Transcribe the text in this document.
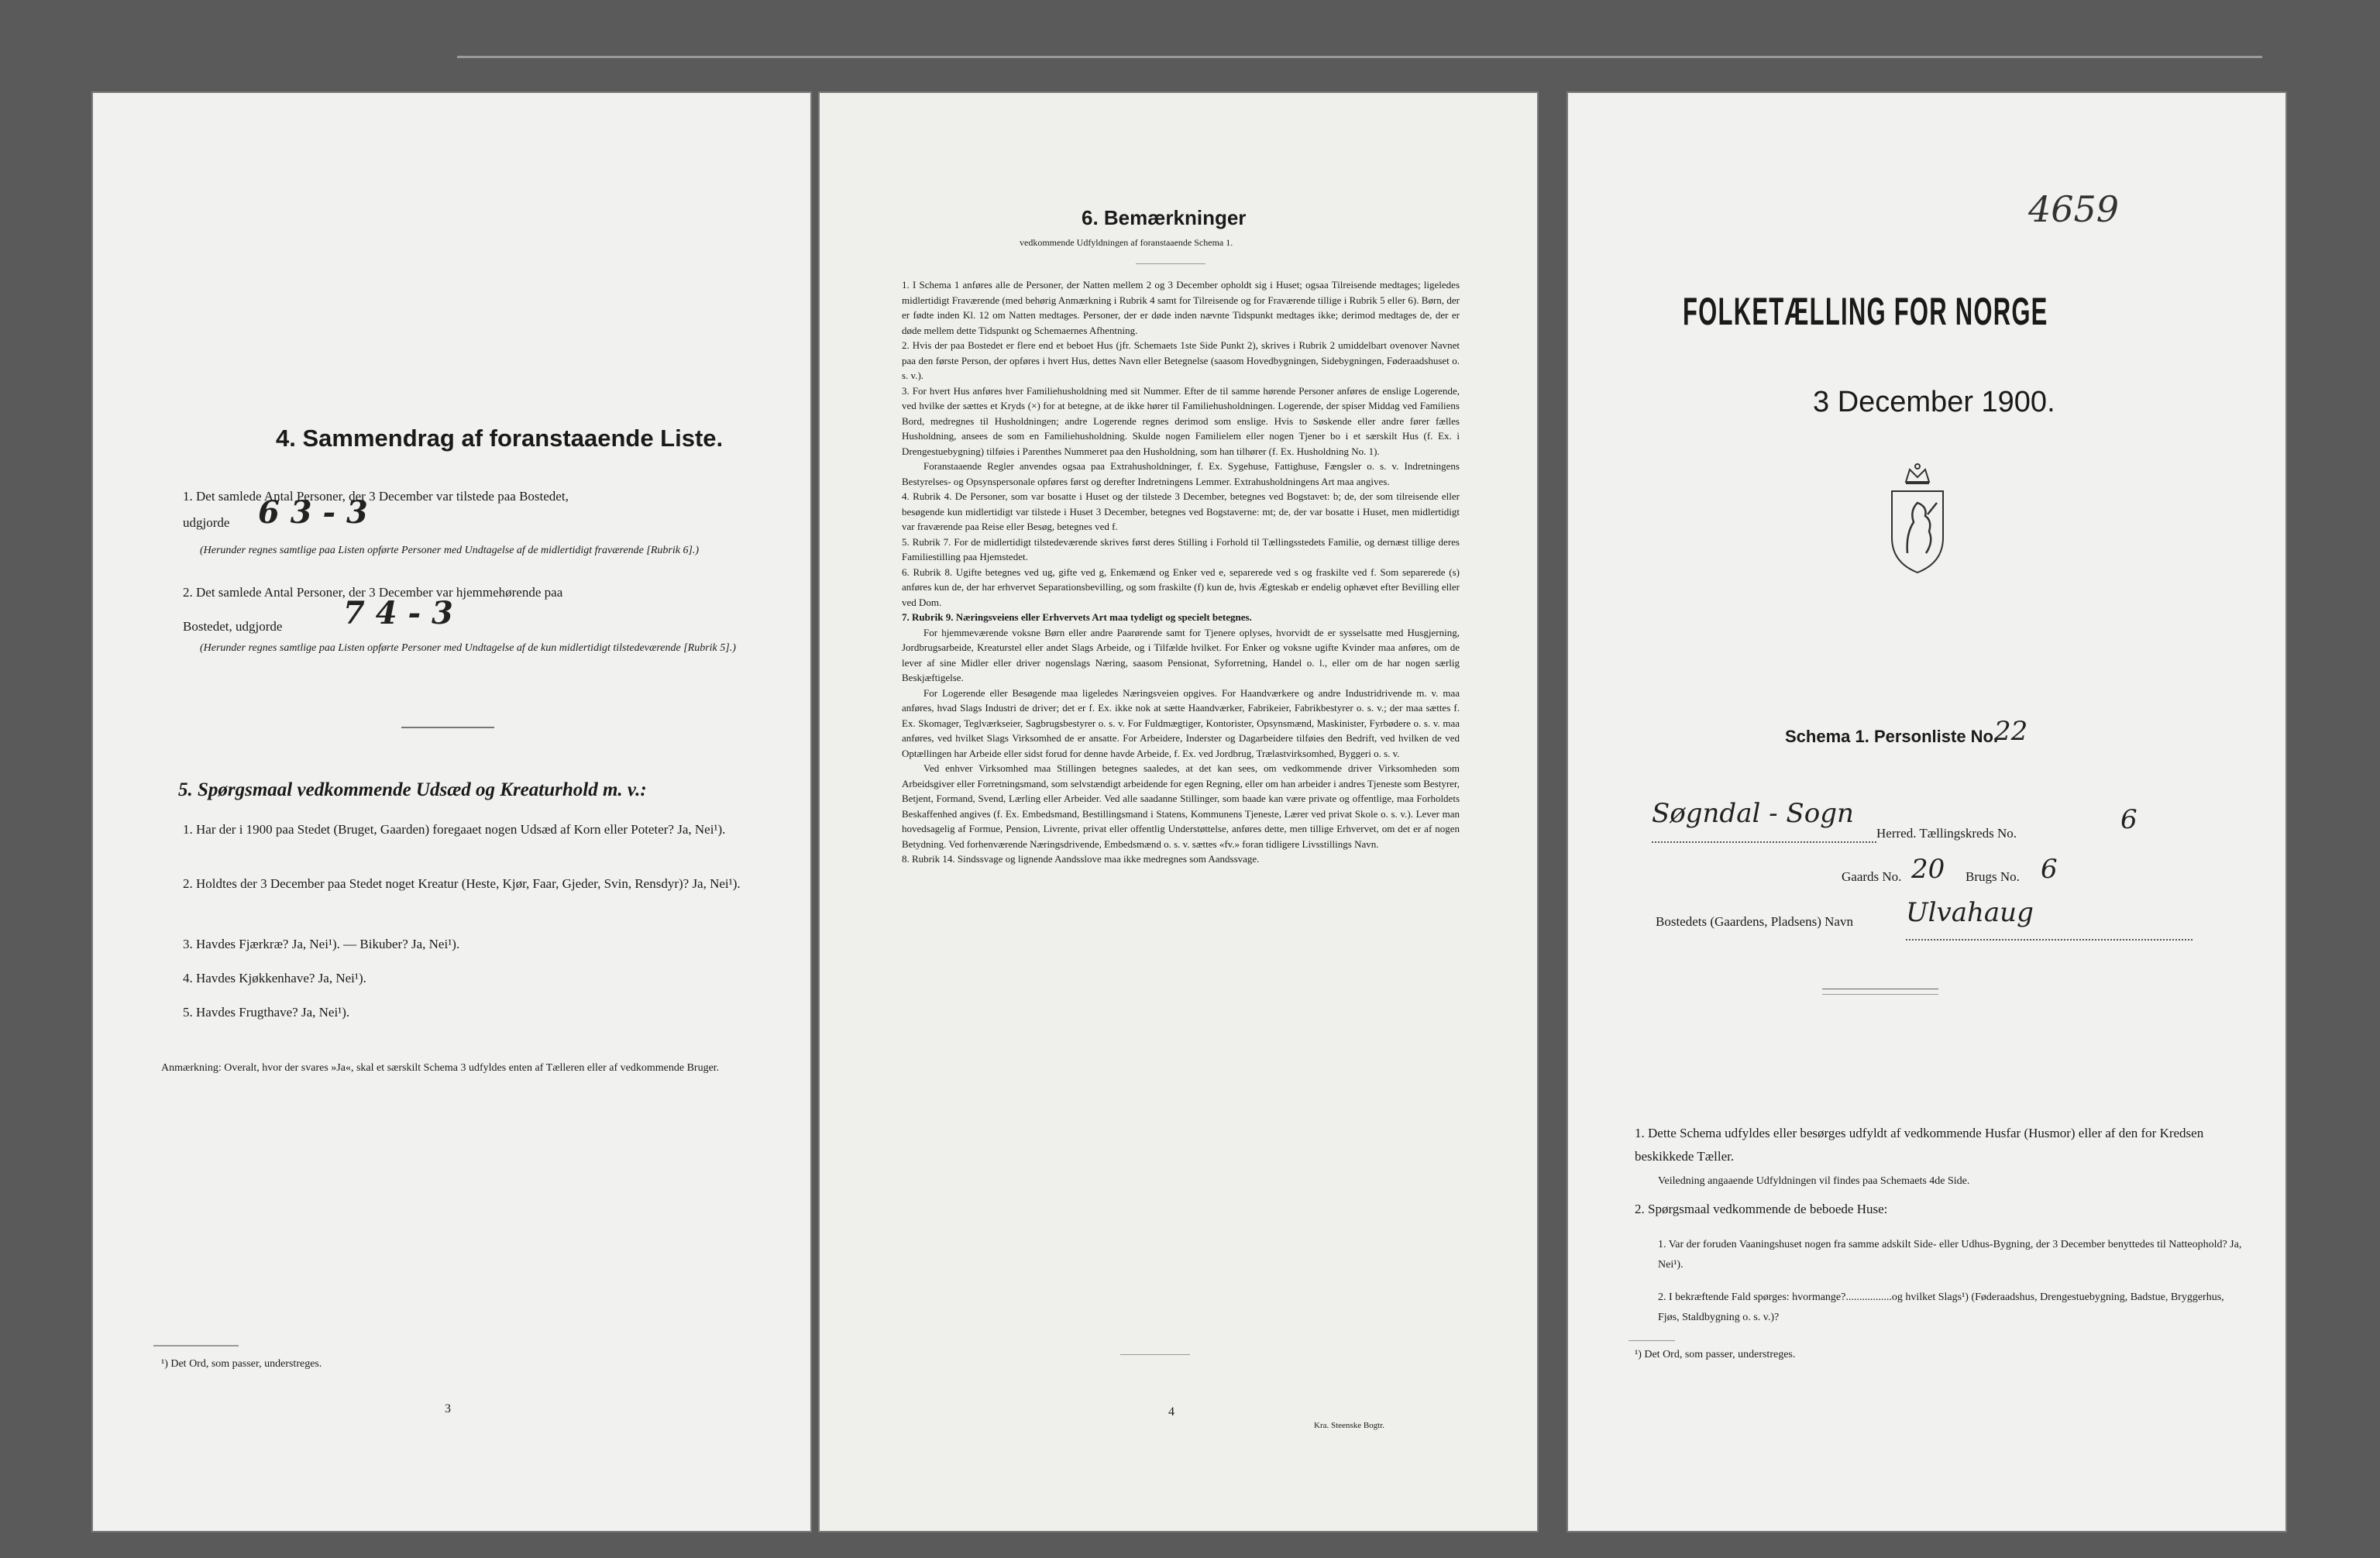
4. Sammendrag af foranstaaende Liste.
1. Det samlede Antal Personer, der 3 December var tilstede paa Bostedet,
udgjorde 6 3 - 3
(Herunder regnes samtlige paa Listen opførte Personer med Undtagelse af de midlertidigt fraværende [Rubrik 6].)
2. Det samlede Antal Personer, der 3 December var hjemmehørende paa
Bostedet, udgjorde 7 4 - 3
(Herunder regnes samtlige paa Listen opførte Personer med Undtagelse af de kun midlertidigt tilstedeværende [Rubrik 5].)
5. Spørgsmaal vedkommende Udsæd og Kreaturhold m. v.:
1. Har der i 1900 paa Stedet (Bruget, Gaarden) foregaaet nogen Udsæd af Korn eller Poteter? Ja, Nei¹).
2. Holdtes der 3 December paa Stedet noget Kreatur (Heste, Kjør, Faar, Gjeder, Svin, Rensdyr)? Ja, Nei¹).
3. Havdes Fjærkræ? Ja, Nei¹). — Bikuber? Ja, Nei¹).
4. Havdes Kjøkkenhave? Ja, Nei¹).
5. Havdes Frugthave? Ja, Nei¹).
Anmærkning: Overalt, hvor der svares »Ja«, skal et særskilt Schema 3 udfyldes enten af Tælleren eller af vedkommende Bruger.
¹) Det Ord, som passer, understreges.
3
6. Bemærkninger
vedkommende Udfyldningen af foranstaaende Schema 1.
1. I Schema 1 anføres alle de Personer, der Natten mellem 2 og 3 December opholdt sig i Huset; ogsaa Tilreisende medtages; ligeledes midlertidigt Fraværende (med behørig Anmærkning i Rubrik 4 samt for Tilreisende og for Fraværende tillige i Rubrik 5 eller 6). Børn, der er fødte inden Kl. 12 om Natten medtages. Personer, der er døde inden nævnte Tidspunkt medtages ikke; derimod medtages de, der er døde mellem dette Tidspunkt og Schemaernes Afhentning.
2. Hvis der paa Bostedet er flere end et beboet Hus (jfr. Schemaets 1ste Side Punkt 2), skrives i Rubrik 2 umiddelbart ovenover Navnet paa den første Person, der opføres i hvert Hus, dettes Navn eller Betegnelse (saasom Hovedbygningen, Sidebygningen, Føderaadshuset o. s. v.).
3. For hvert Hus anføres hver Familiehusholdning med sit Nummer. Efter de til samme hørende Personer anføres de enslige Logerende, ved hvilke der sættes et Kryds (×) for at betegne, at de ikke hører til Familiehusholdningen. Logerende, der spiser Middag ved Familiens Bord, medregnes til Husholdningen; andre Logerende regnes derimod som enslige. Hvis to Søskende eller andre fører fælles Husholdning, ansees de som en Familiehusholdning. Skulde nogen Familielem eller nogen Tjener bo i et særskilt Hus (f. Ex. i Drengestuebygning) tilføies i Parenthes Nummeret paa den Husholdning, som han tilhører (f. Ex. Husholdning No. 1).
Foranstaaende Regler anvendes ogsaa paa Extrahusholdninger, f. Ex. Sygehuse, Fattighuse, Fængsler o. s. v. Indretningens Bestyrelses- og Opsynspersonale opføres først og derefter Indretningens Lemmer. Extrahusholdningens Art maa angives.
4. Rubrik 4. De Personer, som var bosatte i Huset og der tilstede 3 December, betegnes ved Bogstavet: b; de, der som tilreisende eller besøgende kun midlertidigt var tilstede i Huset 3 December, betegnes ved Bogstaverne: mt; de, der var bosatte i Huset, men midlertidigt var fraværende paa Reise eller Besøg, betegnes ved f.
5. Rubrik 7. For de midlertidigt tilstedeværende skrives først deres Stilling i Forhold til Tællingsstedets Familie, og dernæst tillige deres Familiestilling paa Hjemstedet.
6. Rubrik 8. Ugifte betegnes ved ug, gifte ved g, Enkemænd og Enker ved e, separerede ved s og fraskilte ved f. Som separerede (s) anføres kun de, der har erhvervet Separationsbevilling, og som fraskilte (f) kun de, hvis Ægteskab er endelig ophævet efter Bevilling eller ved Dom.
7. Rubrik 9. Næringsveiens eller Erhvervets Art maa tydeligt og specielt betegnes.
For hjemmeværende voksne Børn eller andre Paarørende samt for Tjenere oplyses, hvorvidt de er sysselsatte med Husgjerning, Jordbrugsarbeide, Kreaturstel eller andet Slags Arbeide, og i Tilfælde hvilket. For Enker og voksne ugifte Kvinder maa anføres, om de lever af sine Midler eller driver nogenslags Næring, saasom Pensionat, Syforretning, Handel o. l., eller om de har nogen særlig Beskjæftigelse.
For Logerende eller Besøgende maa ligeledes Næringsveien opgives. For Haandværkere og andre Industridrivende m. v. maa anføres, hvad Slags Industri de driver; det er f. Ex. ikke nok at sætte Haandværker, Fabrikeier, Fabrikbestyrer o. s. v.; der maa sættes f. Ex. Skomager, Teglværkseier, Sagbrugsbestyrer o. s. v. For Fuldmægtiger, Kontorister, Opsynsmænd, Maskinister, Fyrbødere o. s. v. maa anføres, ved hvilket Slags Virksomhed de er ansatte. For Arbeidere, Inderster og Dagarbeidere tilføies den Bedrift, ved hvilken de ved Optællingen har Arbeide eller sidst forud for denne havde Arbeide, f. Ex. ved Jordbrug, Trælastvirksomhed, Byggeri o. s. v.
Ved enhver Virksomhed maa Stillingen betegnes saaledes, at det kan sees, om vedkommende driver Virksomheden som Arbeidsgiver eller Forretningsmand, som selvstændigt arbeidende for egen Regning, eller om han arbeider i andres Tjeneste som Bestyrer, Betjent, Formand, Svend, Lærling eller Arbeider. Ved alle saadanne Stillinger, som baade kan være private og offentlige, maa Forholdets Beskaffenhed angives (f. Ex. Embedsmand, Bestillingsmand i Statens, Kommunens Tjeneste, Lærer ved privat Skole o. s. v.). Lever man hovedsagelig af Formue, Pension, Livrente, privat eller offentlig Understøttelse, anføres dette, men tillige Erhvervet, om det er af nogen Betydning. Ved forhenværende Næringsdrivende, Embedsmænd o. s. v. sættes «fv.» foran tidligere Livsstillings Navn.
8. Rubrik 14. Sindssvage og lignende Aandsslove maa ikke medregnes som Aandssvage.
4
Kra. Steenske Bogtr.
4659
FOLKETÆLLING FOR NORGE
3 December 1900.
Schema 1. Personliste No.
22
Søgndal - Sogn
Herred. Tællingskreds No.	6
Gaards No. 20 Brugs No. 6
Bostedets (Gaardens, Pladsens) Navn Ulvahaug
1. Dette Schema udfyldes eller besørges udfyldt af vedkommende Husfar (Husmor) eller af den for Kredsen beskikkede Tæller.
Veiledning angaaende Udfyldningen vil findes paa Schemaets 4de Side.
2. Spørgsmaal vedkommende de beboede Huse:
1. Var der foruden Vaaningshuset nogen fra samme adskilt Side- eller Udhus-Bygning, der 3 December benyttedes til Natteophold? Ja, Nei¹).
2. I bekræftende Fald spørges: hvormange?.................og hvilket Slags¹) (Føderaadshus, Drengestuebygning, Badstue, Bryggerhus, Fjøs, Staldbygning o. s. v.)?
¹) Det Ord, som passer, understreges.
